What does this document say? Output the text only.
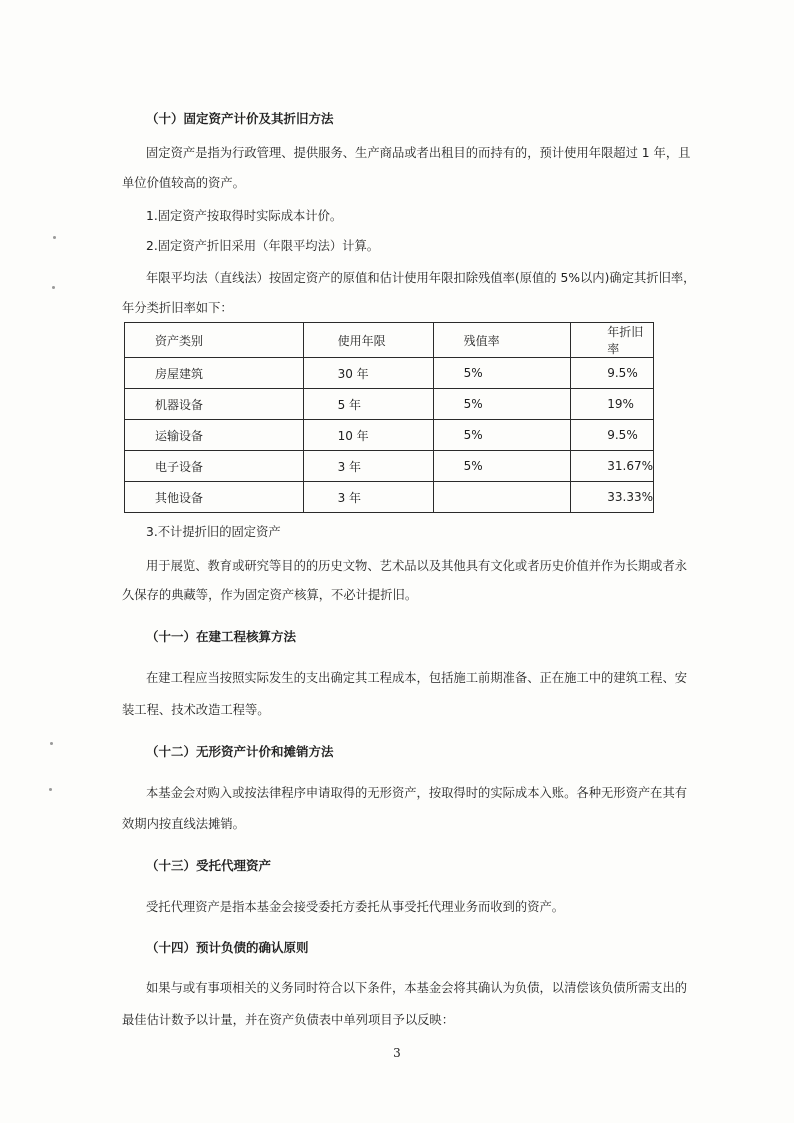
（十）固定资产计价及其折旧方法
固定资产是指为行政管理、提供服务、生产商品或者出租目的而持有的，预计使用年限超过 1 年，且
单位价值较高的资产。
1.固定资产按取得时实际成本计价。
2.固定资产折旧采用（年限平均法）计算。
年限平均法（直线法）按固定资产的原值和估计使用年限扣除残值率(原值的 5%以内)确定其折旧率，
年分类折旧率如下：
资产类别	使用年限	残值率	年折旧率
房屋建筑	30 年	5%	9.5%
机器设备	5 年	5%	19%
运输设备	10 年	5%	9.5%
电子设备	3 年	5%	31.67%
其他设备	3 年		33.33%
3.不计提折旧的固定资产
用于展览、教育或研究等目的的历史文物、艺术品以及其他具有文化或者历史价值并作为长期或者永
久保存的典藏等，作为固定资产核算，不必计提折旧。
（十一）在建工程核算方法
在建工程应当按照实际发生的支出确定其工程成本，包括施工前期准备、正在施工中的建筑工程、安
装工程、技术改造工程等。
（十二）无形资产计价和摊销方法
本基金会对购入或按法律程序申请取得的无形资产，按取得时的实际成本入账。各种无形资产在其有
效期内按直线法摊销。
（十三）受托代理资产
受托代理资产是指本基金会接受委托方委托从事受托代理业务而收到的资产。
（十四）预计负债的确认原则
如果与或有事项相关的义务同时符合以下条件，本基金会将其确认为负债，以清偿该负债所需支出的
最佳估计数予以计量，并在资产负债表中单列项目予以反映：
3
